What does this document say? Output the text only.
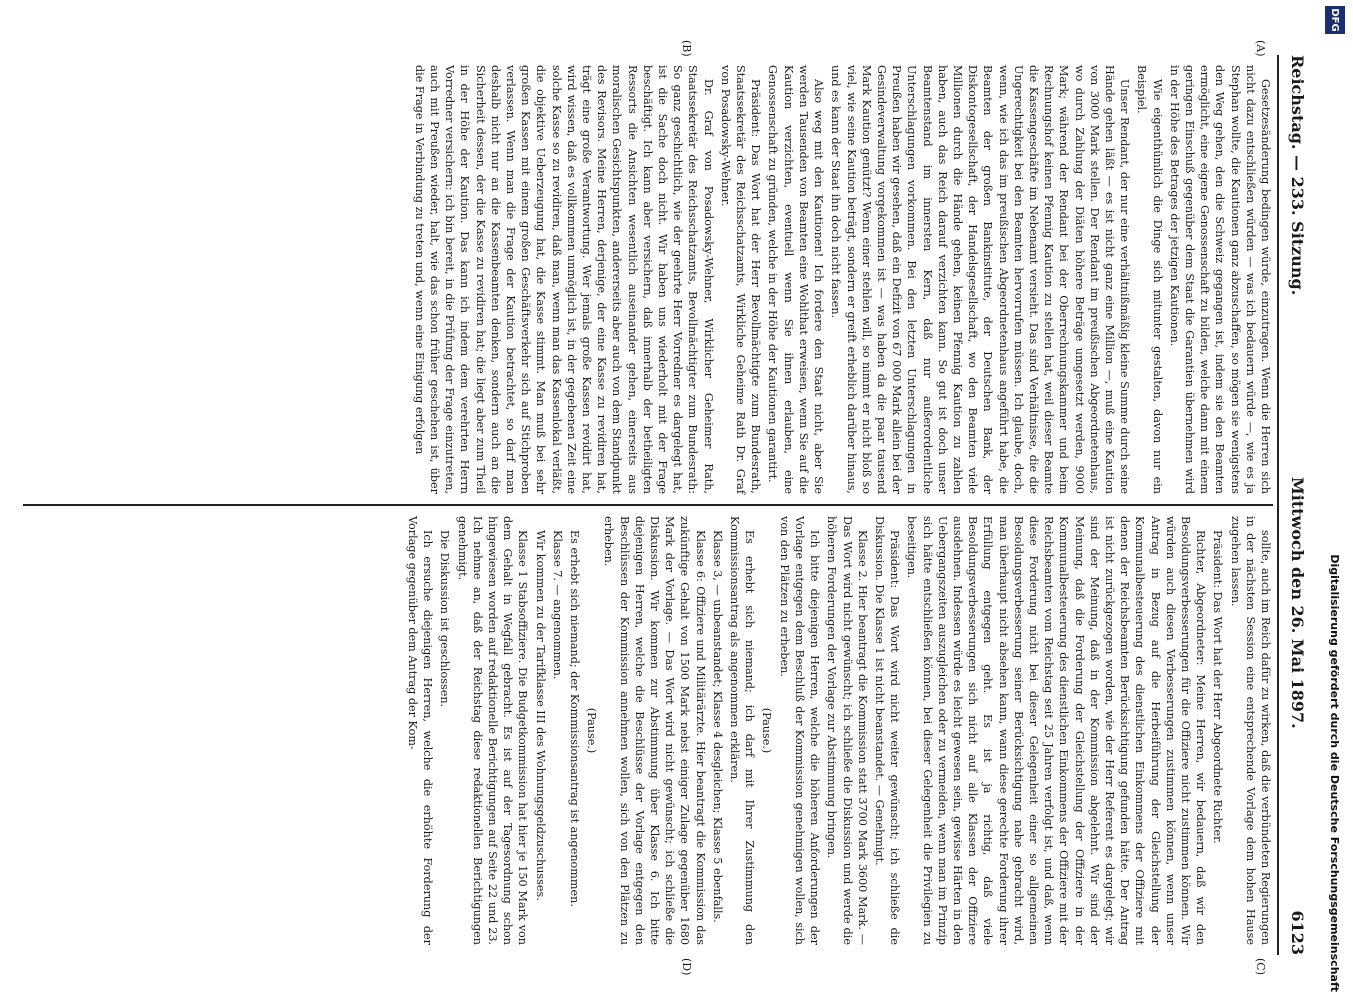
DFG
Digitalisierung gefördert durch die Deutsche Forschungsgemeinschaft
Reichstag. — 233. Sitzung.
Mittwoch den 26. Mai 1897.
6123
(A)
(B)
(C)
(D)

Gesetzesänderung bedingen würde, einzutragen. Wenn die Herren sich nicht dazu entschließen würden — was ich bedauern würde —, wie es ja Stephan wollte, die Kautionen ganz abzuschaffen, so mögen sie wenigstens den Weg gehen, den die Schweiz gegangen ist, indem sie den Beamten ermöglicht, eine eigene Genossenschaft zu bilden, welche dann mit einem geringen Einschuß gegenüber dem Staat die Garantien übernehmen wird in der Höhe des Betrages der jetzigen Kautionen.

Wie eigenthümlich die Dinge sich mitunter gestalten, davon nur ein Beispiel.

Unser Rendant, der nur eine verhältnißmäßig kleine Summe durch seine Hände gehen läßt — es ist nicht ganz eine Million —, muß eine Kaution von 3000 Mark stellen. Der Rendant im preußischen Abgeordnetenhaus, wo durch Zahlung der Diäten höhere Beträge umgesetzt werden, 9000 Mark; während der Rendant bei der Oberrechnungskammer und beim Rechnungshof keinen Pfennig Kaution zu stellen hat, weil dieser Beamte die Kassengeschäfte im Nebenamt versieht. Das sind Verhältnisse, die die Ungerechtigkeit bei den Beamten hervorrufen müssen. Ich glaube, doch, wenn, wie ich das im preußischen Abgeordnetenhaus angeführt habe, die Beamten der großen Bankinstitute, der Deutschen Bank, der Diskontogesellschaft, der Handelsgesellschaft, wo den Beamten viele Millionen durch die Hände gehen, keinen Pfennig Kaution zu zahlen haben, auch das Reich darauf verzichten kann. So gut ist doch unser Beamtenstand im innersten Kern, daß nur außerordentliche Unterschlagungen vorkommen. Bei den letzten Unterschlagungen in Preußen haben wir gesehen, daß ein Defizit von 67 000 Mark allein bei der Gesindeverwaltung vorgekommen ist — was haben da die paar tausend Mark Kaution genützt? Wenn einer stehlen will, so nimmt er nicht bloß so viel, wie seine Kaution beträgt, sondern er greift erheblich darüber hinaus, und es kann der Staat ihn doch nicht fassen.

Also weg mit den Kautionen! Ich fordere den Staat nicht, aber Sie werden Tausenden von Beamten eine Wohlthat erweisen, wenn Sie auf die Kaution verzichten, eventuell wenn Sie ihnen erlauben, eine Genossenschaft zu gründen, welche in der Höhe der Kautionen garantirt.

Präsident: Das Wort hat der Herr Bevollmächtigte zum Bundesrath, Staatssekretär des Reichsschatzamts, Wirkliche Geheime Rath Dr. Graf von Posadowsky-Wehner.

Dr. Graf von Posadowsky-Wehner, Wirklicher Geheimer Rath, Staatssekretär des Reichsschatzamts, Bevollmächtigter zum Bundesrath: So ganz geschichtlich, wie der geehrte Herr Vorredner es dargelegt hat, ist die Sache doch nicht. Wir haben uns wiederholt mit der Frage beschäftigt. Ich kann aber versichern, daß innerhalb der betheiligten Ressorts die Ansichten wesentlich auseinander gehen, einerseits aus moralischen Gesichtspunkten, andererseits aber auch von dem Standpunkt des Revisors. Meine Herren, derjenige, der eine Kasse zu revidiren hat, trägt eine große Verantwortung. Wer jemals große Kassen revidirt hat, wird wissen, daß es vollkommen unmöglich ist, in der gegebenen Zeit eine solche Kasse so zu revidiren, daß man, wenn man das Kassenlokal verläßt, die objektive Ueberzeugung hat, die Kasse stimmt. Man muß bei sehr großen Kassen mit einem großen Geschäftsverkehr sich auf Stichproben verlassen. Wenn man die Frage der Kaution betrachtet, so darf man deshalb nicht nur an die Kassenbeamten denken, sondern auch an die Sicherheit dessen, der die Kasse zu revidiren hat; die liegt aber zum Theil in der Höhe der Kaution. Das kann ich indem dem verehrten Herrn Vorredner versichern: ich bin bereit, in die Prüfung der Frage einzutreten, auch mit Preußen wieder, halt, wie das schon früher geschehen ist, über die Frage in Verbindung zu treten und, wenn eine Einigung erfolgen

sollte, auch im Reich dafür zu wirken, daß die verbündeten Regierungen in der nächsten Session eine entsprechende Vorlage dem hohen Hause zugehen lassen.

Präsident: Das Wort hat der Herr Abgeordnete Richter.

Richter, Abgeordneter: Meine Herren, wir bedauern, daß wir den Besoldungsverbesserungen für die Offiziere nicht zustimmen können. Wir würden auch diesen Verbesserungen zustimmen können, wenn unser Antrag in Bezug auf die Herbeiführung der Gleichstellung der Kommunalbesteuerung des dienstlichen Einkommens der Offiziere mit denen der Reichsbeamten Berücksichtigung gefunden hätte. Der Antrag ist nicht zurückgezogen worden, wie der Herr Referent es dargelegt; wir sind der Meinung, daß in der Kommission abgelehnt. Wir sind der Meinung, daß die Forderung der Gleichstellung der Offiziere in der Kommunalbesteuerung des dienstlichen Einkommens der Offiziere mit der Reichsbeamten vom Reichstag seit 25 Jahren verfolgt ist, und daß, wenn diese Forderung nicht bei dieser Gelegenheit einer so allgemeinen Besoldungsverbesserung seiner Berücksichtigung nahe gebracht wird, man überhaupt nicht absehen kann, wann diese gerechte Forderung ihrer Erfüllung entgegen geht. Es ist ja richtig, daß viele Besoldungsverbesserungen sich nicht auf alle Klassen der Offiziere ausdehnen. Indessen würde es leicht gewesen sein, gewisse Härten in den Uebergangszeiten auszugleichen oder zu vermeiden, wenn man im Prinzip sich hätte entschließen können, bei dieser Gelegenheit die Privilegien zu beseitigen.

Präsident: Das Wort wird nicht weiter gewünscht; ich schließe die Diskussion. Die Klasse 1 ist nicht beanstandet. — Genehmigt.

Klasse 2. Hier beantragt die Kommission statt 3700 Mark 3600 Mark. — Das Wort wird nicht gewünscht; ich schließe die Diskussion und werde die höheren Forderungen der Vorlage zur Abstimmung bringen.

Ich bitte diejenigen Herren, welche die höheren Anforderungen der Vorlage entgegen dem Beschluß der Kommission genehmigen wollen, sich von den Plätzen zu erheben.

(Pause.)

Es erhebt sich niemand; ich darf mit Ihrer Zustimmung den Kommissionsantrag als angenommen erklären.

Klasse 3, — unbeanstandet; Klasse 4 desgleichen; Klasse 5 ebenfalls.

Klasse 6: Offiziere und Militärärzte. Hier beantragt die Kommission das zukünftige Gehalt von 1500 Mark nebst einiger Zulage gegenüber 1680 Mark der Vorlage. — Das Wort wird nicht gewünscht; ich schließe die Diskussion. Wir kommen zur Abstimmung über Klasse 6. Ich bitte diejenigen Herren, welche die Beschlüsse der Vorlage entgegen den Beschlüssen der Kommission annehmen wollen, sich von den Plätzen zu erheben.

(Pause.)

Es erhebt sich niemand; der Kommissionsantrag ist angenommen.

Klasse 7. — angenommen.

Wir kommen zu der Tarifklasse III des Wohnungsgeldzuschusses.

Klasse 1 Stabsoffiziere. Die Budgetkommission hat hier je 150 Mark von dem Gehalt in Wegfall gebracht. Es ist auf der Tagesordnung schon hingewiesen worden auf redaktionelle Berichtigungen auf Seite 22 und 23. Ich nehme an, daß der Reichstag diese redaktionellen Berichtigungen genehmigt.

Die Diskussion ist geschlossen.

Ich ersuche diejenigen Herren, welche die erhöhte Forderung der Vorlage gegenüber dem Antrag der Kom-
